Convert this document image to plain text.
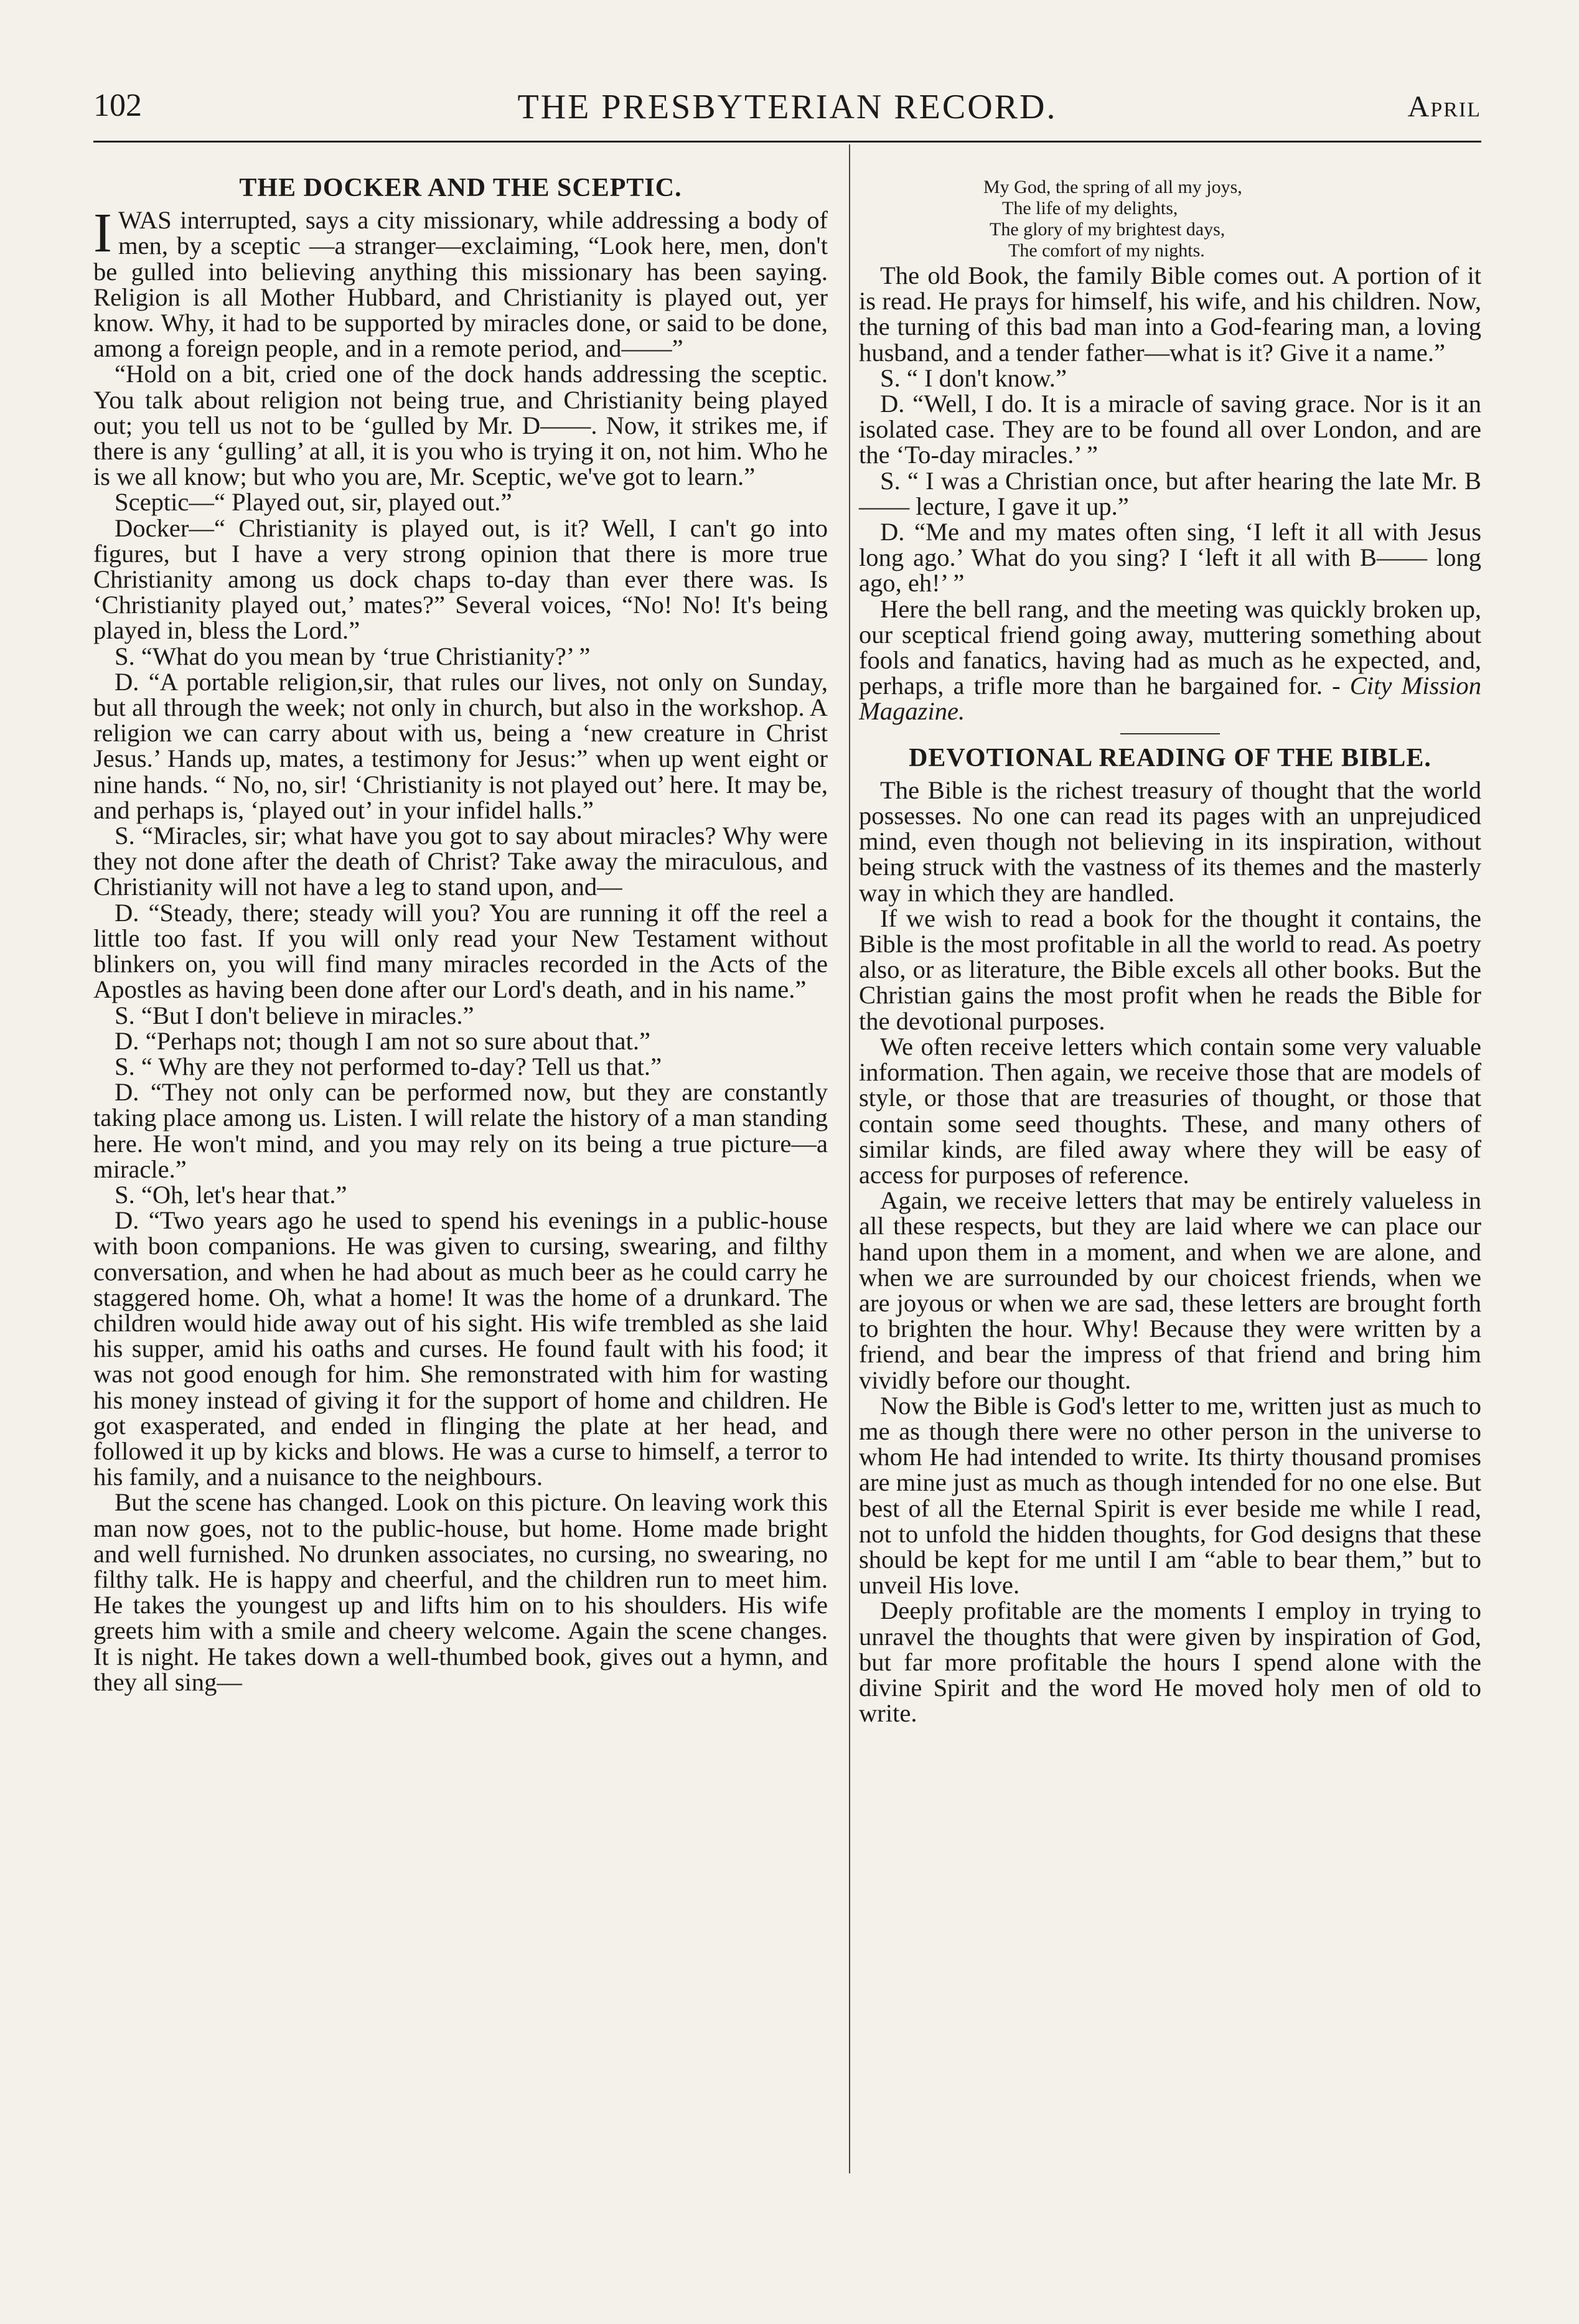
102	THE PRESBYTERIAN RECORD.	April
THE DOCKER AND THE SCEPTIC.

IWAS interrupted, says a city missionary, while addressing a body of men, by a sceptic —a stranger—exclaiming, “Look here, men, don't be gulled into believing anything this missionary has been saying. Religion is all Mother Hubbard, and Christianity is played out, yer know. Why, it had to be supported by miracles done, or said to be done, among a foreign people, and in a remote period, and——”

“Hold on a bit, cried one of the dock hands addressing the sceptic. You talk about religion not being true, and Christianity being played out; you tell us not to be ‘gulled by Mr. D——. Now, it strikes me, if there is any ‘gulling’ at all, it is you who is trying it on, not him. Who he is we all know; but who you are, Mr. Sceptic, we've got to learn.”

Sceptic—“ Played out, sir, played out.”

Docker—“ Christianity is played out, is it? Well, I can't go into figures, but I have a very strong opinion that there is more true Christianity among us dock chaps to-day than ever there was. Is ‘Christianity played out,’ mates?” Several voices, “No! No! It's being played in, bless the Lord.”

S. “What do you mean by ‘true Christianity?’ ”

D. “A portable religion,sir, that rules our lives, not only on Sunday, but all through the week; not only in church, but also in the workshop. A religion we can carry about with us, being a ‘new creature in Christ Jesus.’ Hands up, mates, a testimony for Jesus:” when up went eight or nine hands. “ No, no, sir! ‘Christianity is not played out’ here. It may be, and perhaps is, ‘played out’ in your infidel halls.”

S. “Miracles, sir; what have you got to say about miracles? Why were they not done after the death of Christ? Take away the miraculous, and Christianity will not have a leg to stand upon, and—

D. “Steady, there; steady will you? You are running it off the reel a little too fast. If you will only read your New Testament without blinkers on, you will find many miracles recorded in the Acts of the Apostles as having been done after our Lord's death, and in his name.”

S. “But I don't believe in miracles.”

D. “Perhaps not; though I am not so sure about that.”

S. “ Why are they not performed to-day? Tell us that.”

D. “They not only can be performed now, but they are constantly taking place among us. Listen. I will relate the history of a man standing here. He won't mind, and you may rely on its being a true picture—a miracle.”

S. “Oh, let's hear that.”

D. “Two years ago he used to spend his evenings in a public-house with boon companions. He was given to cursing, swearing, and filthy conversation, and when he had about as much beer as he could carry he staggered home. Oh, what a home! It was the home of a drunkard. The children would hide away out of his sight. His wife trembled as she laid his supper, amid his oaths and curses. He found fault with his food; it was not good enough for him. She remonstrated with him for wasting his money instead of giving it for the support of home and children. He got exasperated, and ended in flinging the plate at her head, and followed it up by kicks and blows. He was a curse to himself, a terror to his family, and a nuisance to the neighbours.

But the scene has changed. Look on this picture. On leaving work this man now goes, not to the public-house, but home. Home made bright and well furnished. No drunken associates, no cursing, no swearing, no filthy talk. He is happy and cheerful, and the children run to meet him. He takes the youngest up and lifts him on to his shoulders. His wife greets him with a smile and cheery welcome. Again the scene changes. It is night. He takes down a well-thumbed book, gives out a hymn, and they all sing—

My God, the spring of all my joys,
The life of my delights,
The glory of my brightest days,
The comfort of my nights.

The old Book, the family Bible comes out. A portion of it is read. He prays for himself, his wife, and his children. Now, the turning of this bad man into a God-fearing man, a loving husband, and a tender father—what is it? Give it a name.”

S. “ I don't know.”

D. “Well, I do. It is a miracle of saving grace. Nor is it an isolated case. They are to be found all over London, and are the ‘To-day miracles.’ ”

S. “ I was a Christian once, but after hearing the late Mr. B—— lecture, I gave it up.”

D. “Me and my mates often sing, ‘I left it all with Jesus long ago.’ What do you sing? I ‘left it all with B—— long ago, eh!’ ”

Here the bell rang, and the meeting was quickly broken up, our sceptical friend going away, muttering something about fools and fanatics, having had as much as he expected, and, perhaps, a trifle more than he bargained for. - City Mission Magazine.

DEVOTIONAL READING OF THE BIBLE.

The Bible is the richest treasury of thought that the world possesses. No one can read its pages with an unprejudiced mind, even though not believing in its inspiration, without being struck with the vastness of its themes and the masterly way in which they are handled.

If we wish to read a book for the thought it contains, the Bible is the most profitable in all the world to read. As poetry also, or as literature, the Bible excels all other books. But the Christian gains the most profit when he reads the Bible for the devotional purposes.

We often receive letters which contain some very valuable information. Then again, we receive those that are models of style, or those that are treasuries of thought, or those that contain some seed thoughts. These, and many others of similar kinds, are filed away where they will be easy of access for purposes of reference.

Again, we receive letters that may be entirely valueless in all these respects, but they are laid where we can place our hand upon them in a moment, and when we are alone, and when we are surrounded by our choicest friends, when we are joyous or when we are sad, these letters are brought forth to brighten the hour. Why! Because they were written by a friend, and bear the impress of that friend and bring him vividly before our thought.

Now the Bible is God's letter to me, written just as much to me as though there were no other person in the universe to whom He had intended to write. Its thirty thousand promises are mine just as much as though intended for no one else. But best of all the Eternal Spirit is ever beside me while I read, not to unfold the hidden thoughts, for God designs that these should be kept for me until I am “able to bear them,” but to unveil His love.

Deeply profitable are the moments I employ in trying to unravel the thoughts that were given by inspiration of God, but far more profitable the hours I spend alone with the divine Spirit and the word He moved holy men of old to write.
